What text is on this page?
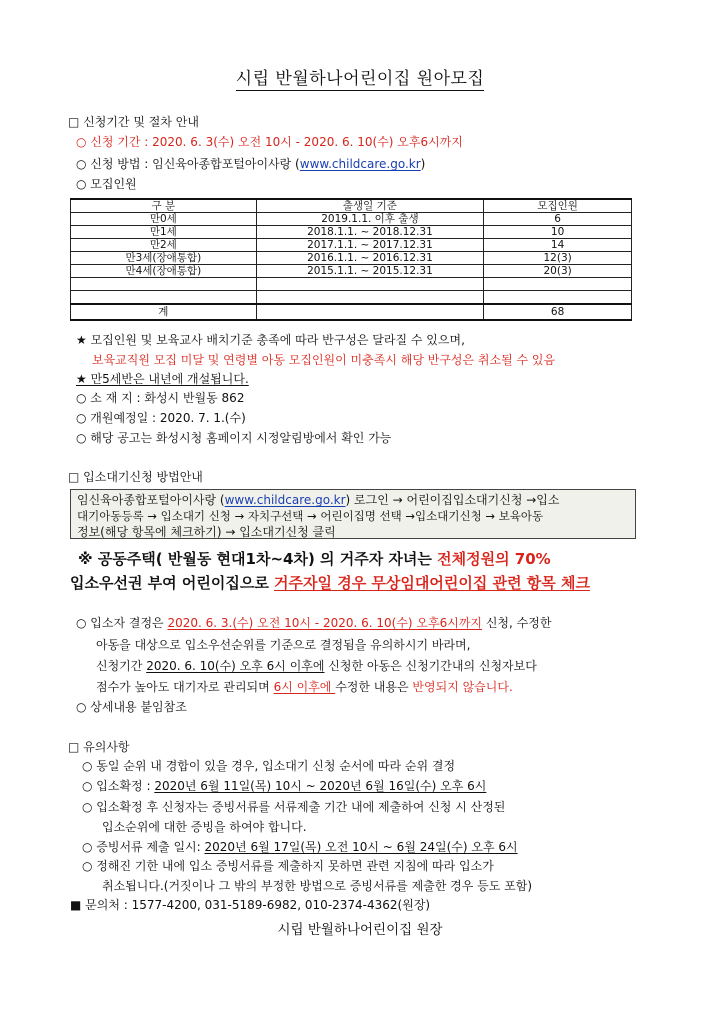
시립 반월하나어린이집 원아모집
□ 신청기간 및 절차 안내
○ 신청 기간 : 2020. 6. 3(수) 오전 10시 - 2020. 6. 10(수) 오후6시까지
○ 신청 방법 : 임신육아종합포털아이사랑 (www.childcare.go.kr)
○ 모집인원
구 분	출생일 기준	모집인원
만0세	2019.1.1. 이후 출생	6
만1세	2018.1.1. ~ 2018.12.31	10
만2세	2017.1.1. ~ 2017.12.31	14
만3세(장애통합)	2016.1.1. ~ 2016.12.31	12(3)
만4세(장애통합)	2015.1.1. ~ 2015.12.31	20(3)

계		68
★ 모집인원 및 보육교사 배치기준 총족에 따라 반구성은 달라질 수 있으며,
보육교직원 모집 미달 및 연령별 아동 모집인원이 미충족시 해당 반구성은 취소될 수 있음
★ 만5세반은 내년에 개설됩니다.
○ 소 재 지 : 화성시 반월동 862
○ 개원예정일 : 2020. 7. 1.(수)
○ 해당 공고는 화성시청 홈페이지 시정알림방에서 확인 가능
□ 입소대기신청 방법안내
임신육아종합포털아이사랑 (www.childcare.go.kr) 로그인 → 어린이집입소대기신청 →입소
대기아동등록 → 입소대기 신청 → 자치구선택 → 어린이집명 선택 →입소대기신청 → 보육아동
정보(해당 항목에 체크하기) → 입소대기신청 클릭
※ 공동주택( 반월동 현대1차~4차) 의 거주자 자녀는 전체정원의 70%
입소우선권 부여 어린이집으로 거주자일 경우 무상임대어린이집 관련 항목 체크
○ 입소자 결정은 2020. 6. 3.(수) 오전 10시 - 2020. 6. 10(수) 오후6시까지 신청, 수정한
아동을 대상으로 입소우선순위를 기준으로 결정됨을 유의하시기 바라며,
신청기간 2020. 6. 10(수) 오후 6시 이후에 신청한 아동은 신청기간내의 신청자보다
점수가 높아도 대기자로 관리되며 6시 이후에 수정한 내용은 반영되지 않습니다.
○ 상세내용 붙임참조
□ 유의사항
○ 동일 순위 내 경합이 있을 경우, 입소대기 신청 순서에 따라 순위 결정
○ 입소확정 : 2020년 6월 11일(목) 10시 ~ 2020년 6월 16일(수) 오후 6시
○ 입소확정 후 신청자는 증빙서류를 서류제출 기간 내에 제출하여 신청 시 산정된
입소순위에 대한 증빙을 하여야 합니다.
○ 증빙서류 제출 일시: 2020년 6월 17일(목) 오전 10시 ~ 6월 24일(수) 오후 6시
○ 정해진 기한 내에 입소 증빙서류를 제출하지 못하면 관련 지침에 따라 입소가
취소됩니다.(거짓이나 그 밖의 부정한 방법으로 증빙서류를 제출한 경우 등도 포함)
■ 문의처 : 1577-4200, 031-5189-6982, 010-2374-4362(원장)
시립 반월하나어린이집 원장
